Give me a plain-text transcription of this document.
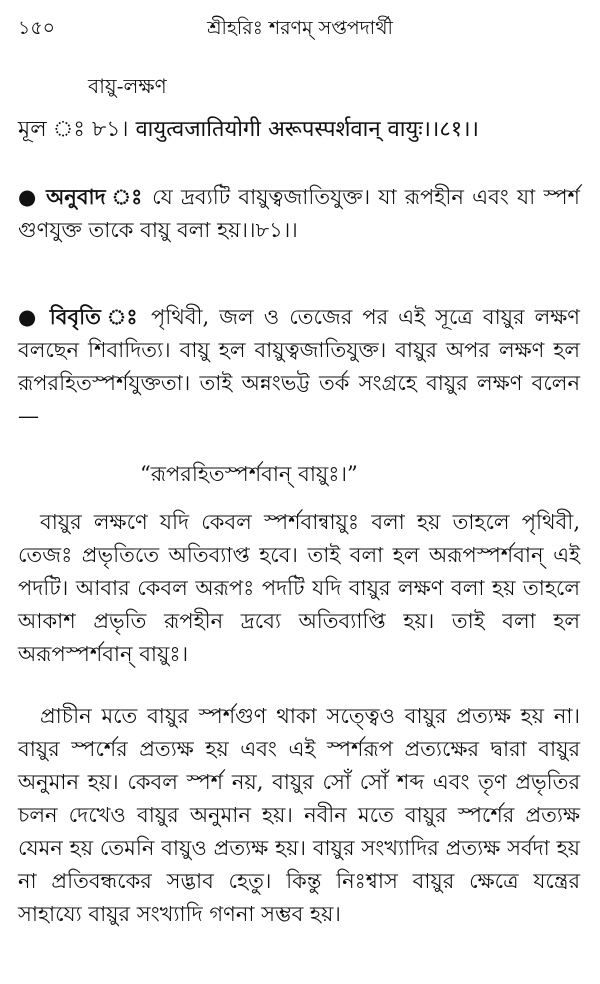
১৫০	শ্রীহরিঃ শরণম্ সপ্তপদার্থী
বায়ু-লক্ষণ
মূল ঃ ৮১। वायुत्वजातियोगी अरूपस्पर्शवान् वायुः।।८१।।
● অনুবাদ ঃ যে দ্রব্যটি বায়ুত্বজাতিযুক্ত। যা রূপহীন এবং যা স্পর্শ গুণযুক্ত তাকে বায়ু বলা হয়।।৮১।।
● বিবৃতি ঃ পৃথিবী, জল ও তেজের পর এই সূত্রে বায়ুর লক্ষণ বলছেন শিবাদিত্য। বায়ু হল বায়ুত্বজাতিযুক্ত। বায়ুর অপর লক্ষণ হল রূপরহিতস্পর্শযুক্ততা। তাই অন্নংভট্ট তর্ক সংগ্রহে বায়ুর লক্ষণ বলেন—
“রূপরহিতস্পর্শবান্ বায়ুঃ।”
বায়ুর লক্ষণে যদি কেবল স্পর্শবান্বায়ুঃ বলা হয় তাহলে পৃথিবী, তেজঃ প্রভৃতিতে অতিব্যাপ্ত হবে। তাই বলা হল অরূপস্পর্শবান্ এই পদটি। আবার কেবল অরূপঃ পদটি যদি বায়ুর লক্ষণ বলা হয় তাহলে আকাশ প্রভৃতি রূপহীন দ্রব্যে অতিব্যাপ্তি হয়। তাই বলা হল অরূপস্পর্শবান্ বায়ুঃ।
প্রাচীন মতে বায়ুর স্পর্শগুণ থাকা সত্ত্বেও বায়ুর প্রত্যক্ষ হয় না। বায়ুর স্পর্শের প্রত্যক্ষ হয় এবং এই স্পর্শরূপ প্রত্যক্ষের দ্বারা বায়ুর অনুমান হয়। কেবল স্পর্শ নয়, বায়ুর সোঁ সোঁ শব্দ এবং তৃণ প্রভৃতির চলন দেখেও বায়ুর অনুমান হয়। নবীন মতে বায়ুর স্পর্শের প্রত্যক্ষ যেমন হয় তেমনি বায়ুও প্রত্যক্ষ হয়। বায়ুর সংখ্যাদির প্রত্যক্ষ সর্বদা হয় না প্রতিবন্ধকের সদ্ভাব হেতু। কিন্তু নিঃশ্বাস বায়ুর ক্ষেত্রে যন্ত্রের সাহায্যে বায়ুর সংখ্যাদি গণনা সম্ভব হয়।
